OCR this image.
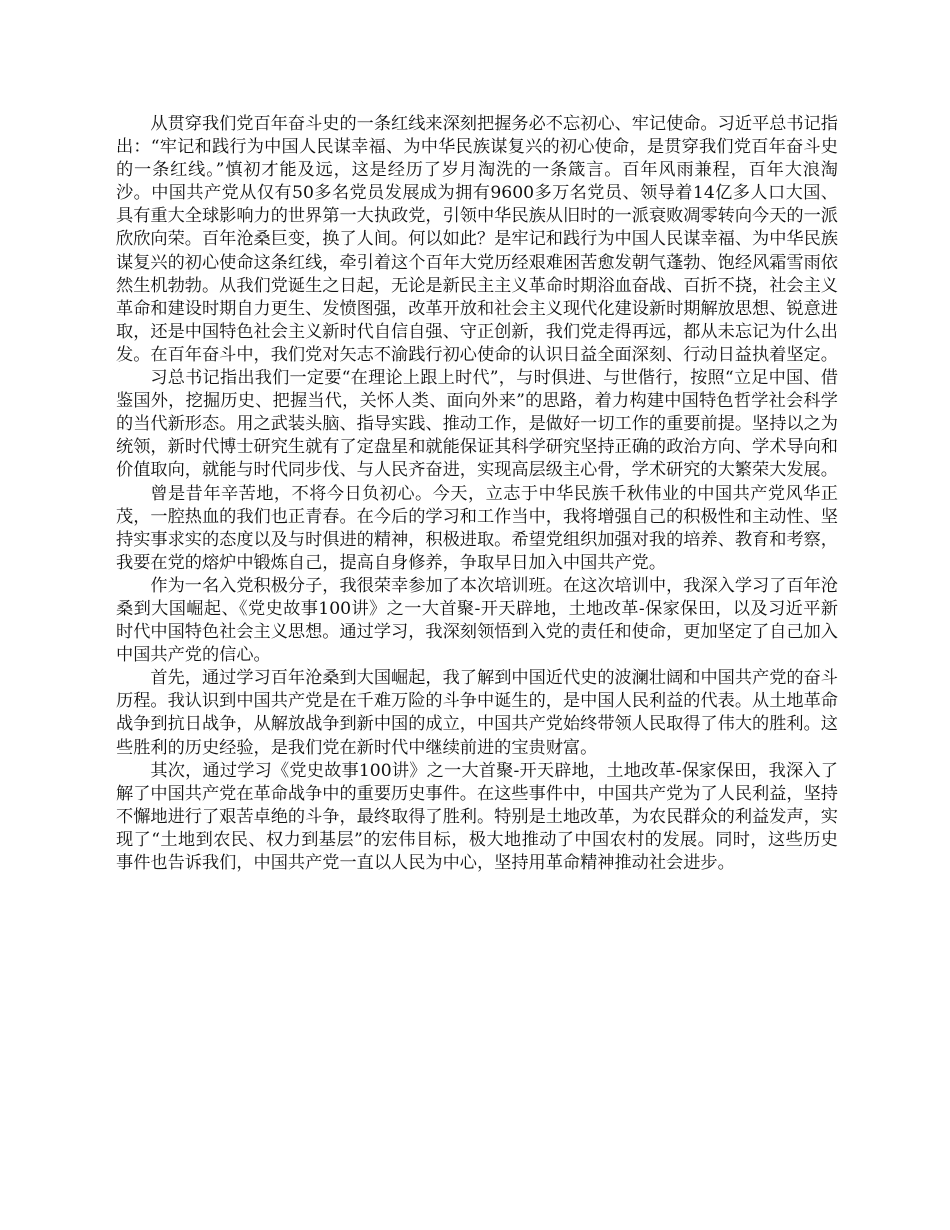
从贯穿我们党百年奋斗史的一条红线来深刻把握务必不忘初心、牢记使命。习近平总书记指出：“牢记和践行为中国人民谋幸福、为中华民族谋复兴的初心使命，是贯穿我们党百年奋斗史的一条红线。”慎初才能及远，这是经历了岁月淘洗的一条箴言。百年风雨兼程，百年大浪淘沙。中国共产党从仅有50多名党员发展成为拥有9600多万名党员、领导着14亿多人口大国、具有重大全球影响力的世界第一大执政党，引领中华民族从旧时的一派衰败凋零转向今天的一派欣欣向荣。百年沧桑巨变，换了人间。何以如此？是牢记和践行为中国人民谋幸福、为中华民族谋复兴的初心使命这条红线，牵引着这个百年大党历经艰难困苦愈发朝气蓬勃、饱经风霜雪雨依然生机勃勃。从我们党诞生之日起，无论是新民主主义革命时期浴血奋战、百折不挠，社会主义革命和建设时期自力更生、发愤图强，改革开放和社会主义现代化建设新时期解放思想、锐意进取，还是中国特色社会主义新时代自信自强、守正创新，我们党走得再远，都从未忘记为什么出发。在百年奋斗中，我们党对矢志不渝践行初心使命的认识日益全面深刻、行动日益执着坚定。

习总书记指出我们一定要“在理论上跟上时代”，与时俱进、与世偕行，按照“立足中国、借鉴国外，挖掘历史、把握当代，关怀人类、面向外来”的思路，着力构建中国特色哲学社会科学的当代新形态。用之武装头脑、指导实践、推动工作，是做好一切工作的重要前提。坚持以之为统领，新时代博士研究生就有了定盘星和就能保证其科学研究坚持正确的政治方向、学术导向和价值取向，就能与时代同步伐、与人民齐奋进，实现高层级主心骨，学术研究的大繁荣大发展。

曾是昔年辛苦地，不将今日负初心。今天，立志于中华民族千秋伟业的中国共产党风华正茂，一腔热血的我们也正青春。在今后的学习和工作当中，我将增强自己的积极性和主动性、坚持实事求实的态度以及与时俱进的精神，积极进取。希望党组织加强对我的培养、教育和考察，我要在党的熔炉中锻炼自己，提高自身修养，争取早日加入中国共产党。

作为一名入党积极分子，我很荣幸参加了本次培训班。在这次培训中，我深入学习了百年沧桑到大国崛起、《党史故事100讲》之一大首聚-开天辟地，土地改革-保家保田，以及习近平新时代中国特色社会主义思想。通过学习，我深刻领悟到入党的责任和使命，更加坚定了自己加入中国共产党的信心。

首先，通过学习百年沧桑到大国崛起，我了解到中国近代史的波澜壮阔和中国共产党的奋斗历程。我认识到中国共产党是在千难万险的斗争中诞生的，是中国人民利益的代表。从土地革命战争到抗日战争，从解放战争到新中国的成立，中国共产党始终带领人民取得了伟大的胜利。这些胜利的历史经验，是我们党在新时代中继续前进的宝贵财富。

其次，通过学习《党史故事100讲》之一大首聚-开天辟地，土地改革-保家保田，我深入了解了中国共产党在革命战争中的重要历史事件。在这些事件中，中国共产党为了人民利益，坚持不懈地进行了艰苦卓绝的斗争，最终取得了胜利。特别是土地改革，为农民群众的利益发声，实现了“土地到农民、权力到基层”的宏伟目标，极大地推动了中国农村的发展。同时，这些历史事件也告诉我们，中国共产党一直以人民为中心，坚持用革命精神推动社会进步。
